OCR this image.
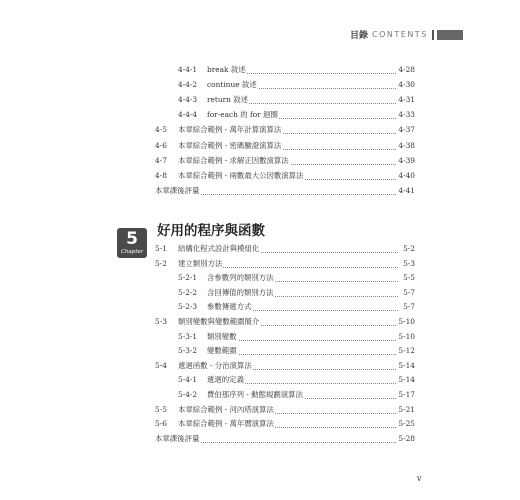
目錄 CONTENTS
4-4-1 break 敘述	4-28
4-4-2 continue 敘述	4-30
4-4-3 return 敘述	4-31
4-4-4 for-each 的 for 迴圈	4-33
4-5 本章綜合範例 - 萬年計算演算法	4-37
4-6 本章綜合範例 - 密碼驗證演算法	4-38
4-7 本章綜合範例 - 求解正因數演算法	4-39
4-8 本章綜合範例 - 兩數最大公因數演算法	4-40
本章課後評量	4-41
5
Chapter
好用的程序與函數
5-1 結構化程式設計與模組化	5-2
5-2 建立類別方法	5-3
5-2-1 含參數列的類別方法	5-5
5-2-2 含回傳值的類別方法	5-7
5-2-3 參數傳遞方式	5-7
5-3 類別變數與變數範圍簡介	5-10
5-3-1 類別變數	5-10
5-3-2 變數範圍	5-12
5-4 遞迴函數 - 分治演算法	5-14
5-4-1 遞迴的定義	5-14
5-4-2 費伯那序列 - 動態規劃演算法	5-17
5-5 本章綜合範例 - 河內塔演算法	5-21
5-6 本章綜合範例 - 萬年曆演算法	5-25
本章課後評量	5-28
v
